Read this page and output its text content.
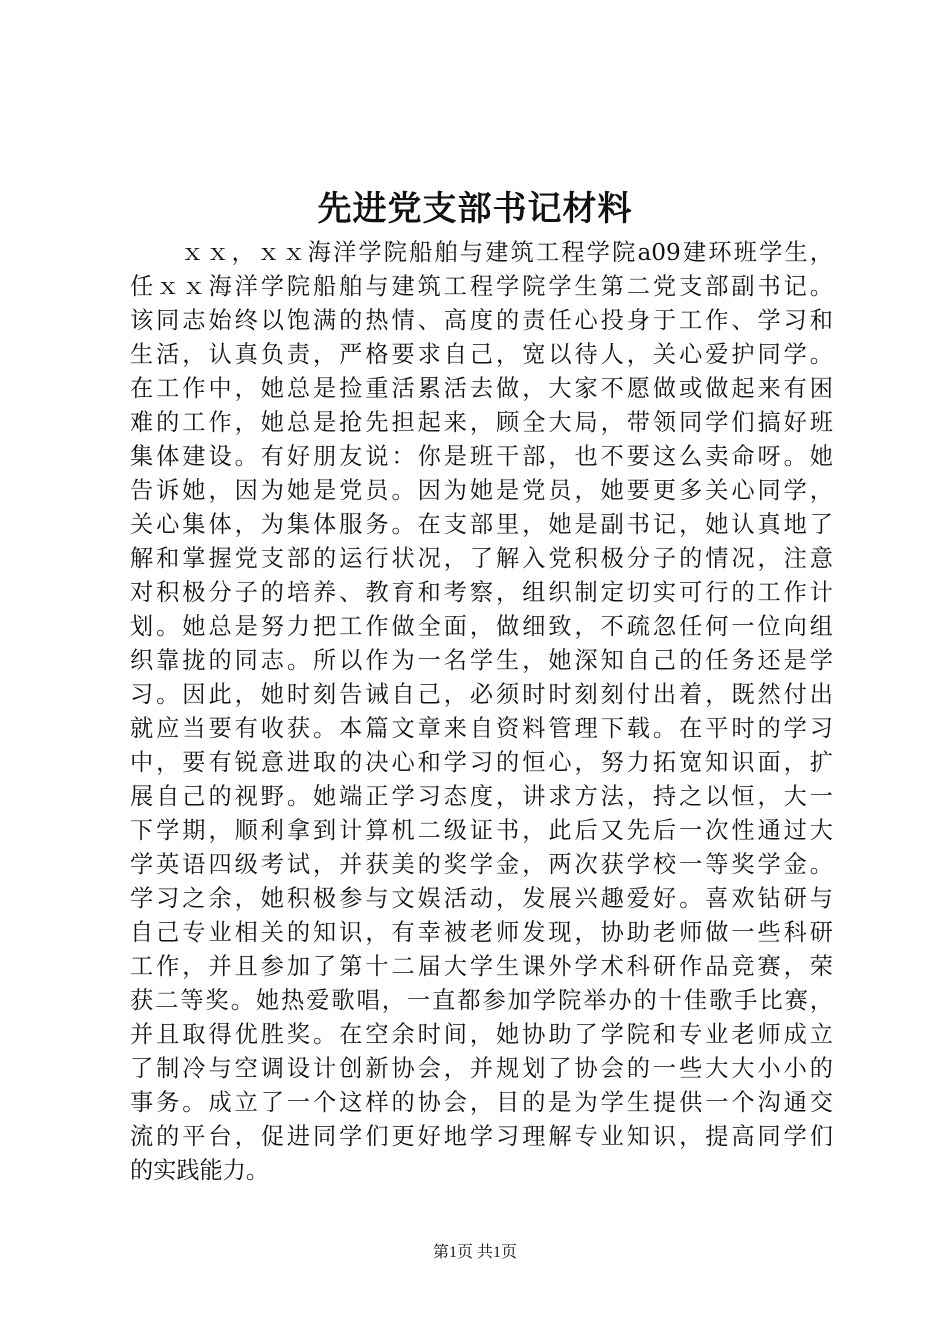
先进党支部书记材料
　　ｘｘ，ｘｘ海洋学院船舶与建筑工程学院a09建环班学生，
任ｘｘ海洋学院船舶与建筑工程学院学生第二党支部副书记。
该同志始终以饱满的热情、高度的责任心投身于工作、学习和
生活，认真负责，严格要求自己，宽以待人，关心爱护同学。
在工作中，她总是捡重活累活去做，大家不愿做或做起来有困
难的工作，她总是抢先担起来，顾全大局，带领同学们搞好班
集体建设。有好朋友说：你是班干部，也不要这么卖命呀。她
告诉她，因为她是党员。因为她是党员，她要更多关心同学，
关心集体，为集体服务。在支部里，她是副书记，她认真地了
解和掌握党支部的运行状况，了解入党积极分子的情况，注意
对积极分子的培养、教育和考察，组织制定切实可行的工作计
划。她总是努力把工作做全面，做细致，不疏忽任何一位向组
织靠拢的同志。所以作为一名学生，她深知自己的任务还是学
习。因此，她时刻告诫自己，必须时时刻刻付出着，既然付出
就应当要有收获。本篇文章来自资料管理下载。在平时的学习
中，要有锐意进取的决心和学习的恒心，努力拓宽知识面，扩
展自己的视野。她端正学习态度，讲求方法，持之以恒，大一
下学期，顺利拿到计算机二级证书，此后又先后一次性通过大
学英语四级考试，并获美的奖学金，两次获学校一等奖学金。
学习之余，她积极参与文娱活动，发展兴趣爱好。喜欢钻研与
自己专业相关的知识，有幸被老师发现，协助老师做一些科研
工作，并且参加了第十二届大学生课外学术科研作品竞赛，荣
获二等奖。她热爱歌唱，一直都参加学院举办的十佳歌手比赛，
并且取得优胜奖。在空余时间，她协助了学院和专业老师成立
了制冷与空调设计创新协会，并规划了协会的一些大大小小的
事务。成立了一个这样的协会，目的是为学生提供一个沟通交
流的平台，促进同学们更好地学习理解专业知识，提高同学们
的实践能力。
第1页 共1页
